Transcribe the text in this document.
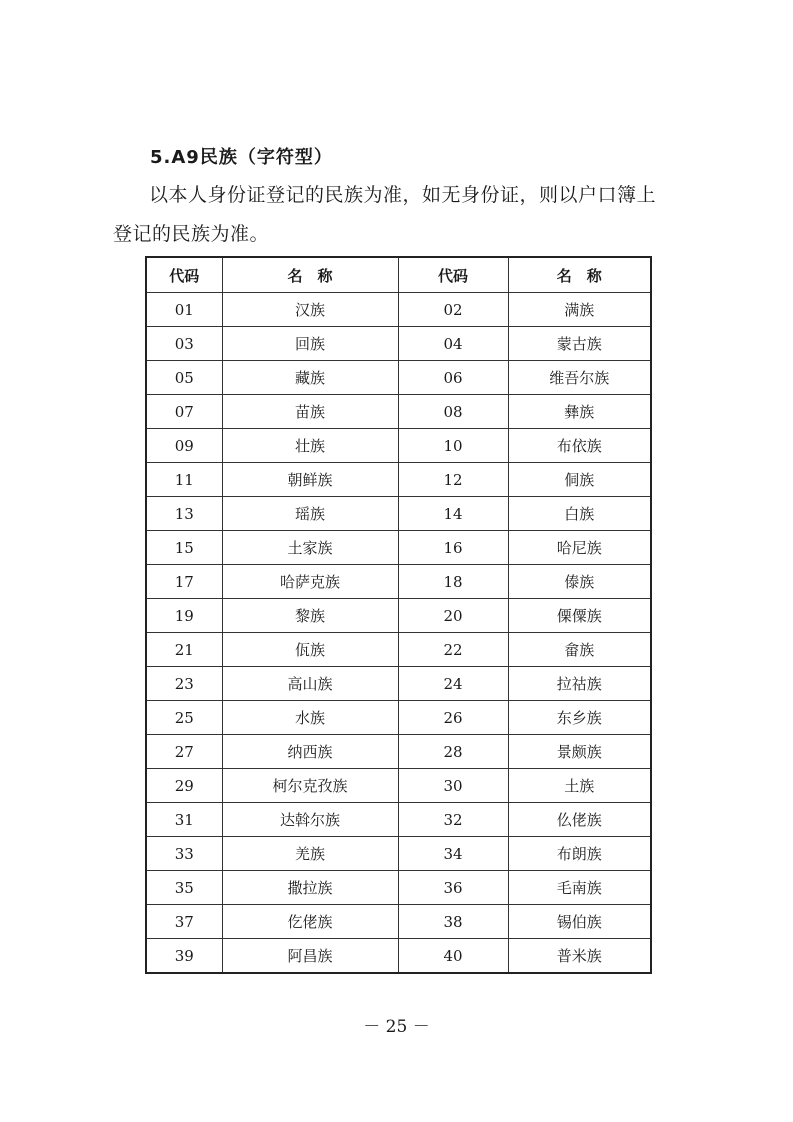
5.A9民族（字符型）
以本人身份证登记的民族为准，如无身份证，则以户口簿上登记的民族为准。
代码	名　称	代码	名　称
01	汉族	02	满族
03	回族	04	蒙古族
05	藏族	06	维吾尔族
07	苗族	08	彝族
09	壮族	10	布依族
11	朝鲜族	12	侗族
13	瑶族	14	白族
15	土家族	16	哈尼族
17	哈萨克族	18	傣族
19	黎族	20	傈僳族
21	佤族	22	畲族
23	高山族	24	拉祜族
25	水族	26	东乡族
27	纳西族	28	景颇族
29	柯尔克孜族	30	土族
31	达斡尔族	32	仫佬族
33	羌族	34	布朗族
35	撒拉族	36	毛南族
37	仡佬族	38	锡伯族
39	阿昌族	40	普米族
－ 25 －
